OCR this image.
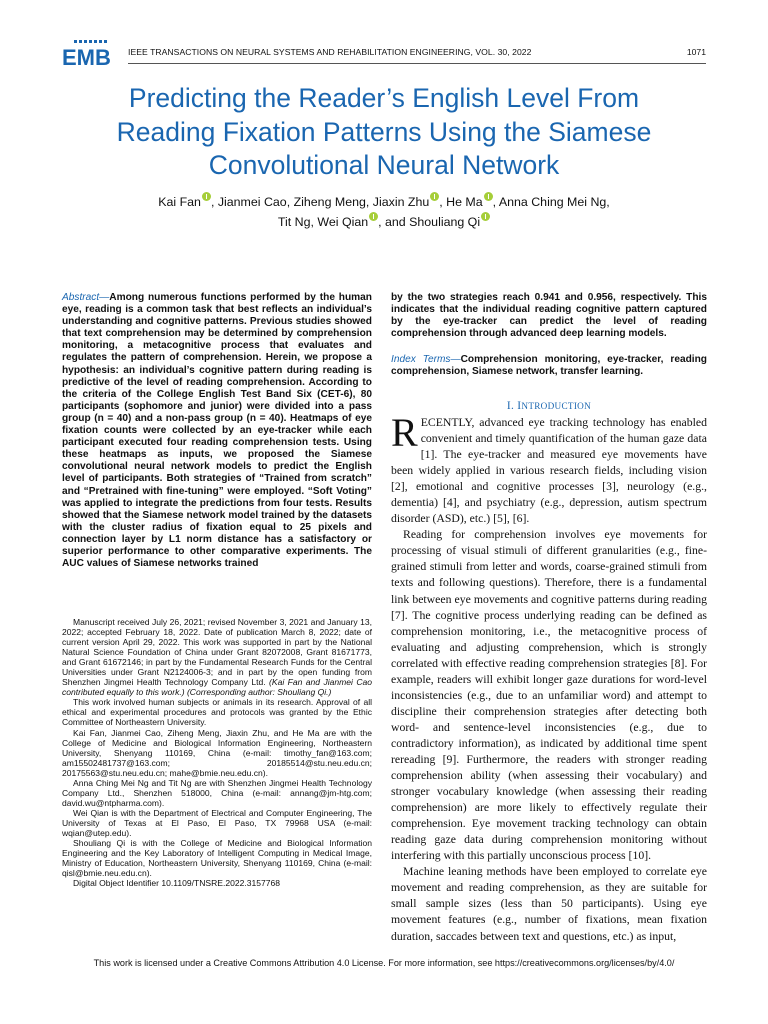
EMB IEEE TRANSACTIONS ON NEURAL SYSTEMS AND REHABILITATION ENGINEERING, VOL. 30, 2022	1071
Predicting the Reader’s English Level From
Reading Fixation Patterns Using the Siamese
Convolutional Neural Network
Kai Fan , Jianmei Cao, Ziheng Meng, Jiaxin Zhu , He Ma , Anna Ching Mei Ng,
Tit Ng, Wei Qian , and Shouliang Qi

Abstract—Among numerous functions performed by the human eye, reading is a common task that best reflects an individual’s understanding and cognitive patterns. Previous studies showed that text comprehension may be determined by comprehension monitoring, a metacognitive process that evaluates and regulates the pattern of comprehension. Herein, we propose a hypothesis: an individual’s cognitive pattern during reading is predictive of the level of reading comprehension. According to the criteria of the College English Test Band Six (CET-6), 80 participants (sophomore and junior) were divided into a pass group (n = 40) and a non-pass group (n = 40). Heatmaps of eye fixation counts were collected by an eye-tracker while each participant executed four reading comprehension tests. Using these heatmaps as inputs, we proposed the Siamese convolutional neural network models to predict the English level of participants. Both strategies of “Trained from scratch” and “Pretrained with fine-tuning” were employed. “Soft Voting” was applied to integrate the predictions from four tests. Results showed that the Siamese network model trained by the datasets with the cluster radius of fixation equal to 25 pixels and connection layer by L1 norm distance has a satisfactory or superior performance to other comparative experiments. The AUC values of Siamese networks trained

by the two strategies reach 0.941 and 0.956, respectively. This indicates that the individual reading cognitive pattern captured by the eye-tracker can predict the level of reading comprehension through advanced deep learning models.

Index Terms—Comprehension monitoring, eye-tracker, reading comprehension, Siamese network, transfer learning.

Manuscript received July 26, 2021; revised November 3, 2021 and January 13, 2022; accepted February 18, 2022. Date of publication March 8, 2022; date of current version April 29, 2022. This work was supported in part by the National Natural Science Foundation of China under Grant 82072008, Grant 81671773, and Grant 61672146; in part by the Fundamental Research Funds for the Central Universities under Grant N2124006-3; and in part by the open funding from Shenzhen Jingmei Health Technology Company Ltd. (Kai Fan and Jianmei Cao contributed equally to this work.) (Corresponding author: Shouliang Qi.)

This work involved human subjects or animals in its research. Approval of all ethical and experimental procedures and protocols was granted by the Ethic Committee of Northeastern University.

Kai Fan, Jianmei Cao, Ziheng Meng, Jiaxin Zhu, and He Ma are with the College of Medicine and Biological Information Engineering, Northeastern University, Shenyang 110169, China (e-mail: timothy_fan@163.com; am15502481737@163.com; 20185514@stu.neu.edu.cn; 20175563@stu.neu.edu.cn; mahe@bmie.neu.edu.cn).

Anna Ching Mei Ng and Tit Ng are with Shenzhen Jingmei Health Technology Company Ltd., Shenzhen 518000, China (e-mail: annang@jm-htg.com; david.wu@ntpharma.com).

Wei Qian is with the Department of Electrical and Computer Engineering, The University of Texas at El Paso, El Paso, TX 79968 USA (e-mail: wqian@utep.edu).

Shouliang Qi is with the College of Medicine and Biological Information Engineering and the Key Laboratory of Intelligent Computing in Medical Image, Ministry of Education, Northeastern University, Shenyang 110169, China (e-mail: qisl@bmie.neu.edu.cn).

Digital Object Identifier 10.1109/TNSRE.2022.3157768

I. INTRODUCTION

RECENTLY, advanced eye tracking technology has enabled convenient and timely quantification of the human gaze data [1]. The eye-tracker and measured eye movements have been widely applied in various research fields, including vision [2], emotional and cognitive processes [3], neurology (e.g., dementia) [4], and psychiatry (e.g., depression, autism spectrum disorder (ASD), etc.) [5], [6].

Reading for comprehension involves eye movements for processing of visual stimuli of different granularities (e.g., fine-grained stimuli from letter and words, coarse-grained stimuli from texts and following questions). Therefore, there is a fundamental link between eye movements and cognitive patterns during reading [7]. The cognitive process underlying reading can be defined as comprehension monitoring, i.e., the metacognitive process of evaluating and adjusting comprehension, which is strongly correlated with effective reading comprehension strategies [8]. For example, readers will exhibit longer gaze durations for word-level inconsistencies (e.g., due to an unfamiliar word) and attempt to discipline their comprehension strategies after detecting both word- and sentence-level inconsistencies (e.g., due to contradictory information), as indicated by additional time spent rereading [9]. Furthermore, the readers with stronger reading comprehension ability (when assessing their vocabulary) and stronger vocabulary knowledge (when assessing their reading comprehension) are more likely to effectively regulate their comprehension. Eye movement tracking technology can obtain reading gaze data during comprehension monitoring without interfering with this partially unconscious process [10].

Machine leaning methods have been employed to correlate eye movement and reading comprehension, as they are suitable for small sample sizes (less than 50 participants). Using eye movement features (e.g., number of fixations, mean fixation duration, saccades between text and questions, etc.) as input,

This work is licensed under a Creative Commons Attribution 4.0 License. For more information, see https://creativecommons.org/licenses/by/4.0/
